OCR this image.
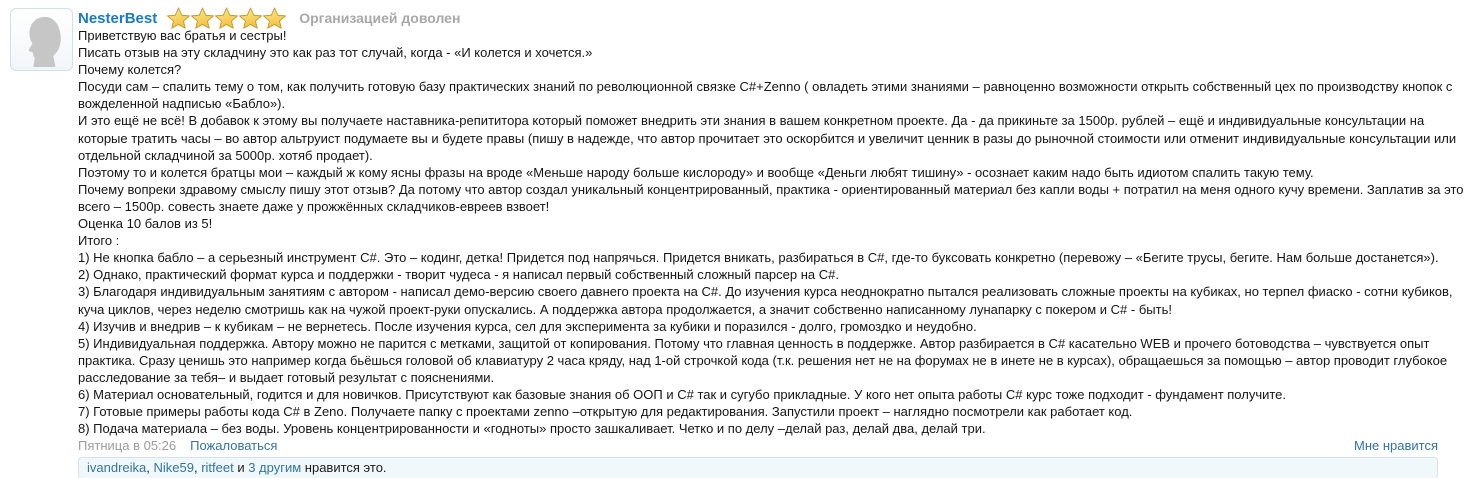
NesterBest	Организацией доволен
Приветствую вас братья и сестры!
Писать отзыв на эту складчину это как раз тот случай, когда - «И колется и хочется.»
Почему колется?
Посуди сам – спалить тему о том, как получить готовую базу практических знаний по революционной связке C#+Zenno ( овладеть этими знаниями – равноценно возможности открыть собственный цех по производству кнопок с вожделенной надписью «Бабло»).
И это ещё не всё! В добавок к этому вы получаете наставника-репититора который поможет внедрить эти знания в вашем конкретном проекте. Да - да прикиньте за 1500р. рублей – ещё и индивидуальные консультации на которые тратить часы – во автор альтруист подумаете вы и будете правы (пишу в надежде, что автор прочитает это оскорбится и увеличит ценник в разы до рыночной стоимости или отменит индивидуальные консультации или отдельной складчиной за 5000р. хотяб продает).
Поэтому то и колется братцы мои – каждый ж кому ясны фразы на вроде «Меньше народу больше кислороду» и вообще «Деньги любят тишину» - осознает каким надо быть идиотом спалить такую тему.
Почему вопреки здравому смыслу пишу этот отзыв? Да потому что автор создал уникальный концентрированный, практика - ориентированный материал без капли воды + потратил на меня одного кучу времени. Заплатив за это всего – 1500р. совесть знаете даже у прожжённых складчиков-евреев взвоет!
Оценка 10 балов из 5!
Итого :
1) Не кнопка бабло – а серьезный инструмент C#. Это – кодинг, детка! Придется под напрячься. Придется вникать, разбираться в C#, где-то буксовать конкретно (перевожу – «Бегите трусы, бегите. Нам больше достанется»).
2) Однако, практический формат курса и поддержки - творит чудеса - я написал первый собственный сложный парсер на C#.
3) Благодаря индивидуальным занятиям с автором - написал демо-версию своего давнего проекта на C#. До изучения курса неоднократно пытался реализовать сложные проекты на кубиках, но терпел фиаско - сотни кубиков, куча циклов, через неделю смотришь как на чужой проект-руки опускались. А поддержка автора продолжается, а значит собственно написанному лунапарку с покером и C# - быть!
4) Изучив и внедрив – к кубикам – не вернетесь. После изучения курса, сел для эксперимента за кубики и поразился - долго, громоздко и неудобно.
5) Индивидуальная поддержка. Автору можно не парится с метками, защитой от копирования. Потому что главная ценность в поддержке. Автор разбирается в C# касательно WEB и прочего ботоводства – чувствуется опыт практика. Сразу ценишь это например когда бьёшься головой об клавиатуру 2 часа кряду, над 1-ой строчкой кода (т.к. решения нет не на форумах не в инете не в курсах), обращаешься за помощью – автор проводит глубокое расследование за тебя– и выдает готовый результат с пояснениями.
6) Материал основательный, годится и для новичков. Присутствуют как базовые знания об ООП и C# так и сугубо прикладные. У кого нет опыта работы C# курс тоже подходит - фундамент получите.
7) Готовые примеры работы кода C# в Zeno. Получаете папку с проектами zenno –открытую для редактирования. Запустили проект – наглядно посмотрели как работает код.
8) Подача материала – без воды. Уровень концентрированности и «годноты» просто зашкаливает. Четко и по делу –делай раз, делай два, делай три.
Пятница в 05:26 Пожаловаться	Мне нравится
ivandreika, Nike59, ritfeet и 3 другим нравится это.
